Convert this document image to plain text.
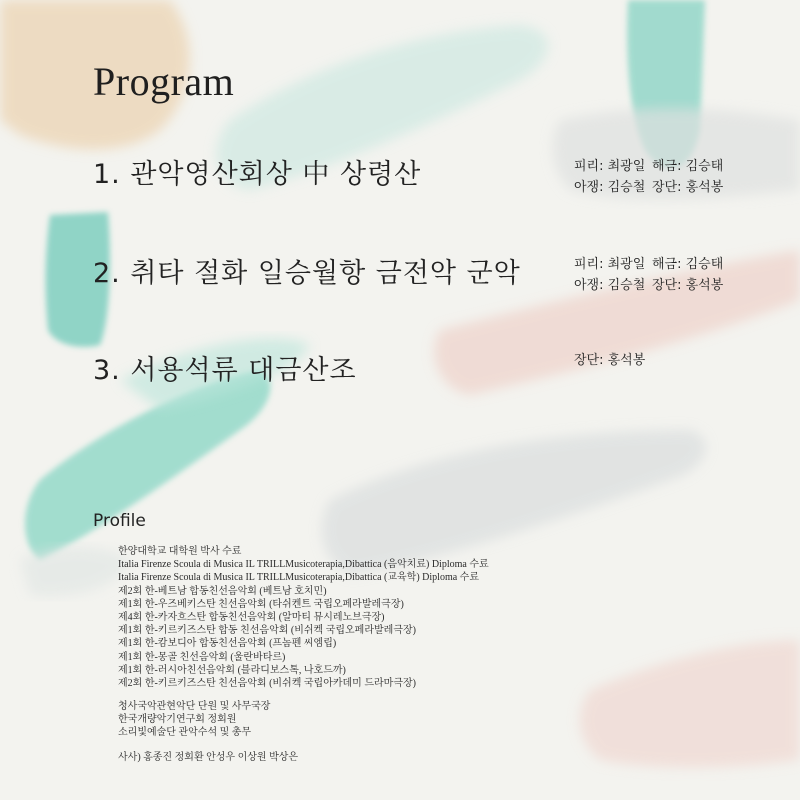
Program
1. 관악영산회상 中 상령산	피리: 최광일 해금: 김승태
아쟁: 김승철 장단: 홍석봉
2. 취타 절화 일승월항 금전악 군악	피리: 최광일 해금: 김승태
아쟁: 김승철 장단: 홍석봉
3. 서용석류 대금산조	장단: 홍석봉
Profile
한양대학교 대학원 박사 수료
Italia Firenze Scoula di Musica IL TRILLMusicoterapia,Dibattica (음악치료) Diploma 수료
Italia Firenze Scoula di Musica IL TRILLMusicoterapia,Dibattica (교육학) Diploma 수료
제2회 한-베트남 합동친선음악회 (베트남 호치민)
제1회 한-우즈베키스탄 친선음악회 (타쉬켄트 국립오페라발레극장)
제4회 한-카자흐스탄 합동친선음악회 (알마티 뮤시레노브극장)
제1회 한-키르키즈스탄 합동 친선음악회 (비쉬켁 국립오페라발레극장)
제1회 한-캄보디아 합동친선음악회 (프놈펜 씨엠립)
제1회 한-몽골 친선음악회 (울란바타르)
제1회 한-러시아친선음악회 (블라디보스톡, 나호드까)
제2회 한-키르키즈스탄 친선음악회 (비쉬켁 국립아카데미 드라마극장)
청사국악관현악단 단원 및 사무국장
한국개량악기연구회 정회원
소리빛예술단 관악수석 및 총무
사사) 홍종진 정회환 안성우 이상원 박상은
